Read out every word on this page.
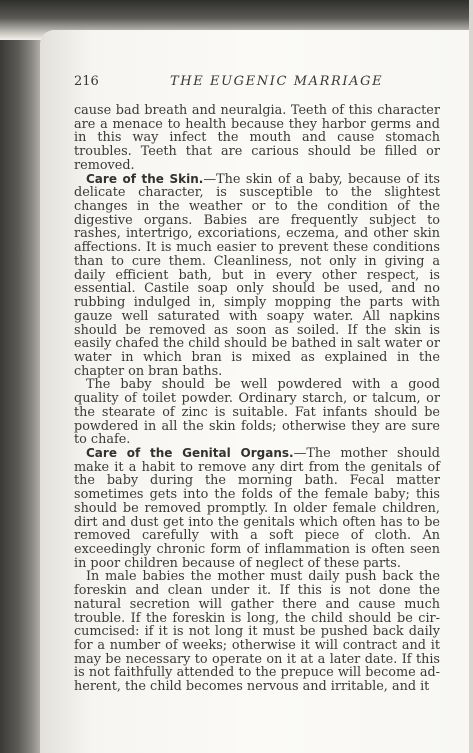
216	THE EUGENIC MARRIAGE

cause bad breath and neuralgia. Teeth of this character are a menace to health because they harbor germs and in this way infect the mouth and cause stomach troubles. Teeth that are carious should be filled or removed.

Care of the Skin.—The skin of a baby, because of its delicate character, is susceptible to the slightest changes in the weather or to the condition of the digestive organs. Babies are frequently subject to rashes, intertrigo, excoriations, eczema, and other skin affections. It is much easier to prevent these conditions than to cure them. Cleanliness, not only in giving a daily efficient bath, but in every other respect, is essential. Castile soap only should be used, and no rubbing indulged in, simply mopping the parts with gauze well saturated with soapy water. All napkins should be removed as soon as soiled. If the skin is easily chafed the child should be bathed in salt water or water in which bran is mixed as explained in the chapter on bran baths.

The baby should be well powdered with a good quality of toilet powder. Ordinary starch, or talcum, or the stearate of zinc is suitable. Fat infants should be powdered in all the skin folds; otherwise they are sure to chafe.

Care of the Genital Organs.—The mother should make it a habit to remove any dirt from the genitals of the baby during the morning bath. Fecal matter sometimes gets into the folds of the female baby; this should be removed promptly. In older female children, dirt and dust get into the genitals which often has to be removed carefully with a soft piece of cloth. An exceedingly chronic form of inflammation is often seen in poor children because of neglect of these parts.

In male babies the mother must daily push back the foreskin and clean under it. If this is not done the natural secretion will gather there and cause much trouble. If the foreskin is long, the child should be circumcised: if it is not long it must be pushed back daily for a number of weeks; otherwise it will contract and it may be necessary to operate on it at a later date. If this is not faithfully attended to the prepuce will become adherent, the child becomes nervous and irritable, and it
